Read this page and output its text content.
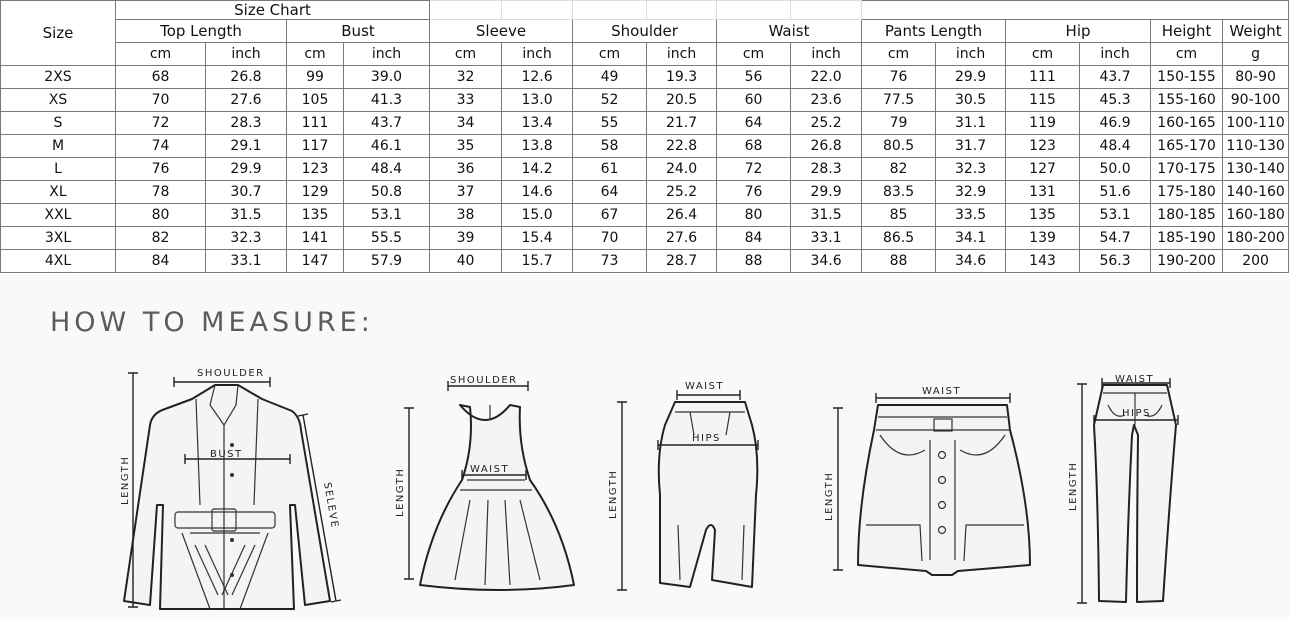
Size	Size Chart															
	Top Length		Bust		Sleeve		Shoulder		Waist		Pants Length		Hip		Height	Weight
	cm	inch	cm	inch	cm	inch	cm	inch	cm	inch	cm	inch	cm	inch	cm	g
2XS	68	26.8	99	39.0	32	12.6	49	19.3	56	22.0	76	29.9	111	43.7	150-155	80-90
XS	70	27.6	105	41.3	33	13.0	52	20.5	60	23.6	77.5	30.5	115	45.3	155-160	90-100
S	72	28.3	111	43.7	34	13.4	55	21.7	64	25.2	79	31.1	119	46.9	160-165	100-110
M	74	29.1	117	46.1	35	13.8	58	22.8	68	26.8	80.5	31.7	123	48.4	165-170	110-130
L	76	29.9	123	48.4	36	14.2	61	24.0	72	28.3	82	32.3	127	50.0	170-175	130-140
XL	78	30.7	129	50.8	37	14.6	64	25.2	76	29.9	83.5	32.9	131	51.6	175-180	140-160
XXL	80	31.5	135	53.1	38	15.0	67	26.4	80	31.5	85	33.5	135	53.1	180-185	160-180
3XL	82	32.3	141	55.5	39	15.4	70	27.6	84	33.1	86.5	34.1	139	54.7	185-190	180-200
4XL	84	33.1	147	57.9	40	15.7	73	28.7	88	34.6	88	34.6	143	56.3	190-200	200
HOW TO MEASURE:
SHOULDER
BUST
LENGTH
SELEVE
SHOULDER
WAIST
LENGTH
WAIST
HIPS
LENGTH
WAIST
LENGTH
WAIST
HIPS
LENGTH
